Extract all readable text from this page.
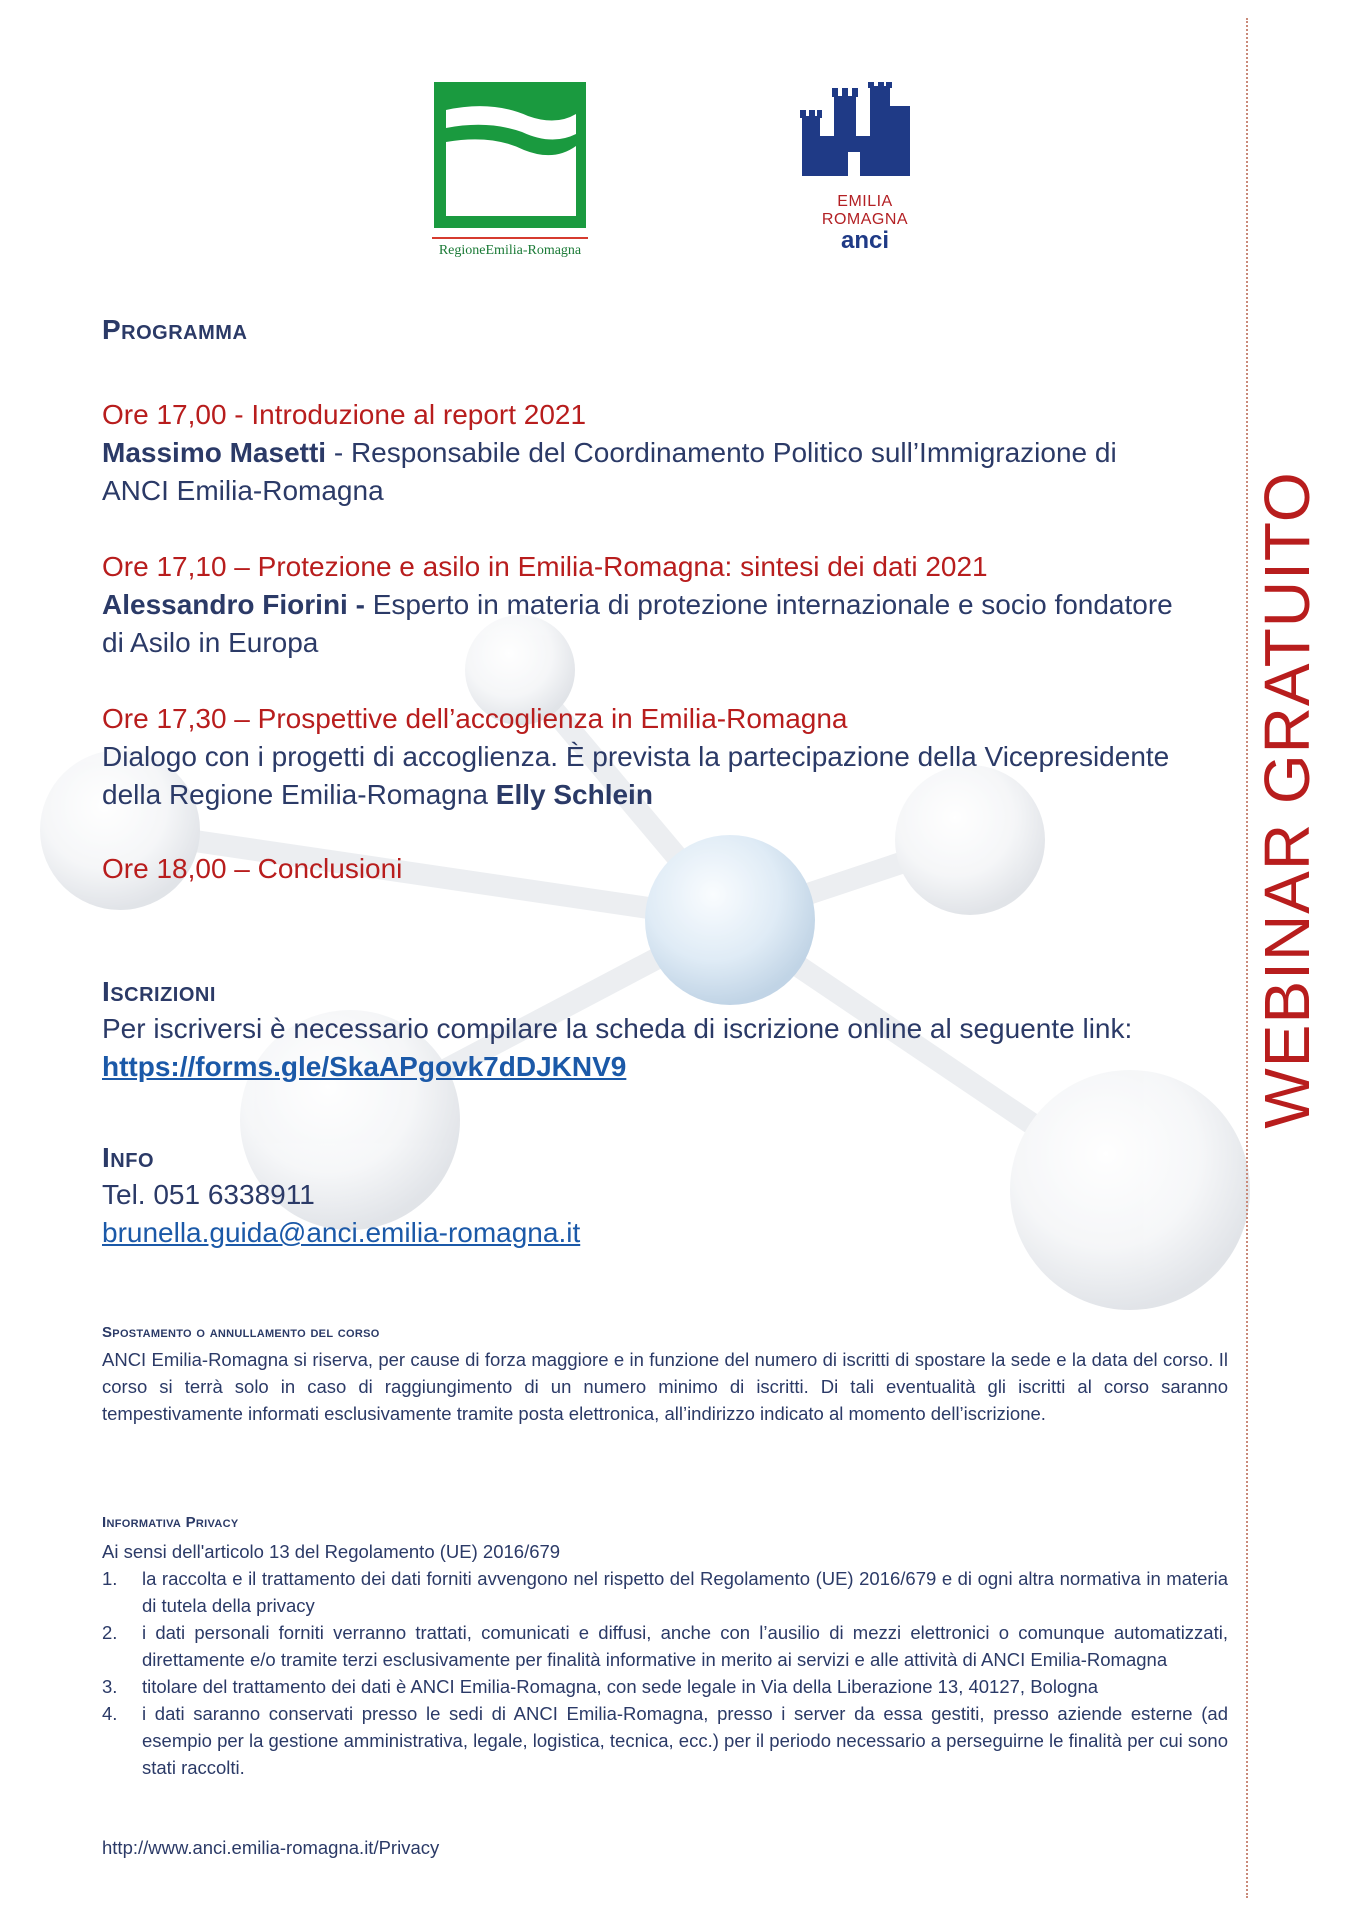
WEBINAR GRATUITO
RegioneEmilia-Romagna
EMILIA
ROMAGNA
anci
Programma
Ore 17,00 - Introduzione al report 2021
Massimo Masetti - Responsabile del Coordinamento Politico sull’Immigrazione di
ANCI Emilia-Romagna
Ore 17,10 – Protezione e asilo in Emilia-Romagna: sintesi dei dati 2021
Alessandro Fiorini - Esperto in materia di protezione internazionale e socio fondatore
di Asilo in Europa
Ore 17,30 – Prospettive dell’accoglienza in Emilia-Romagna
Dialogo con i progetti di accoglienza. È prevista la partecipazione della Vicepresidente
della Regione Emilia-Romagna Elly Schlein
Ore 18,00 – Conclusioni
Iscrizioni
Per iscriversi è necessario compilare la scheda di iscrizione online al seguente link:
https://forms.gle/SkaAPgovk7dDJKNV9
Info
Tel. 051 6338911
brunella.guida@anci.emilia-romagna.it
Spostamento o annullamento del corso
ANCI Emilia-Romagna si riserva, per cause di forza maggiore e in funzione del numero di iscritti di spostare la sede e la data del corso. Il corso si terrà solo in caso di raggiungimento di un numero minimo di iscritti. Di tali eventualità gli iscritti al corso saranno tempestivamente informati esclusivamente tramite posta elettronica, all’indirizzo indicato al momento dell’iscrizione.
Informativa Privacy
Ai sensi dell'articolo 13 del Regolamento (UE) 2016/679
1.	la raccolta e il trattamento dei dati forniti avvengono nel rispetto del Regolamento (UE) 2016/679 e di ogni altra normativa in materia di tutela della privacy
2.	i dati personali forniti verranno trattati, comunicati e diffusi, anche con l’ausilio di mezzi elettronici o comunque automatizzati, direttamente e/o tramite terzi esclusivamente per finalità informative in merito ai servizi e alle attività di ANCI Emilia-Romagna
3.	titolare del trattamento dei dati è ANCI Emilia-Romagna, con sede legale in Via della Liberazione 13, 40127, Bologna
4.	i dati saranno conservati presso le sedi di ANCI Emilia-Romagna, presso i server da essa gestiti, presso aziende esterne (ad esempio per la gestione amministrativa, legale, logistica, tecnica, ecc.) per il periodo necessario a perseguirne le finalità per cui sono stati raccolti.
http://www.anci.emilia-romagna.it/Privacy
